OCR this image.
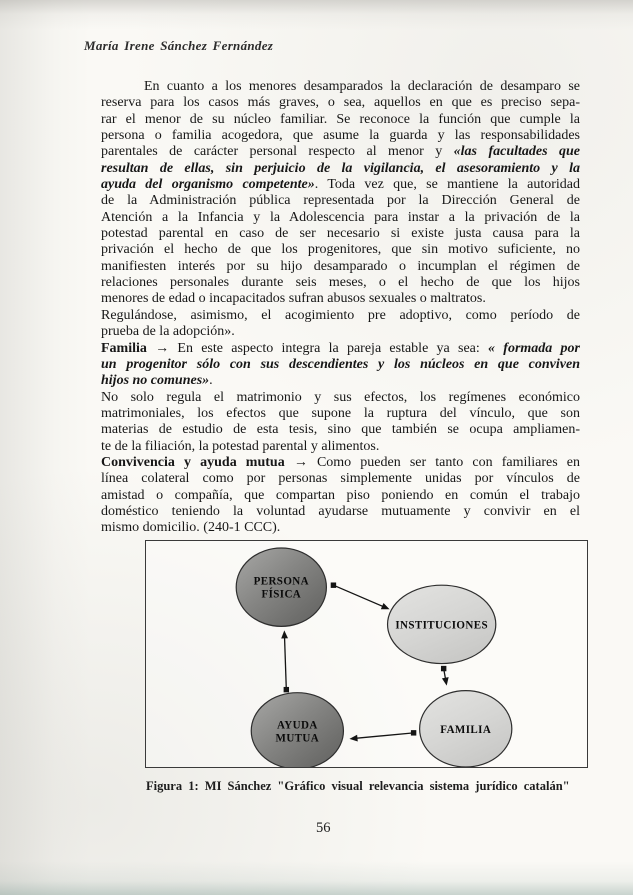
María Irene Sánchez Fernández
En cuanto a los menores desamparados la declaración de desamparo se
reserva para los casos más graves, o sea, aquellos en que es preciso sepa-
rar el menor de su núcleo familiar. Se reconoce la función que cumple la
persona o familia acogedora, que asume la guarda y las responsabilidades
parentales de carácter personal respecto al menor y «las facultades que
resultan de ellas, sin perjuicio de la vigilancia, el asesoramiento y la
ayuda del organismo competente». Toda vez que, se mantiene la autoridad
de la Administración pública representada por la Dirección General de
Atención a la Infancia y la Adolescencia para instar a la privación de la
potestad parental en caso de ser necesario si existe justa causa para la
privación el hecho de que los progenitores, que sin motivo suficiente, no
manifiesten interés por su hijo desamparado o incumplan el régimen de
relaciones personales durante seis meses, o el hecho de que los hijos
menores de edad o incapacitados sufran abusos sexuales o maltratos.
Regulándose, asimismo, el acogimiento pre adoptivo, como período de
prueba de la adopción».
Familia → En este aspecto integra la pareja estable ya sea: « formada por
un progenitor sólo con sus descendientes y los núcleos en que conviven
hijos no comunes».
No solo regula el matrimonio y sus efectos, los regímenes económico
matrimoniales, los efectos que supone la ruptura del vínculo, que son
materias de estudio de esta tesis, sino que también se ocupa ampliamen-
te de la filiación, la potestad parental y alimentos.
Convivencia y ayuda mutua → Como pueden ser tanto con familiares en
línea colateral como por personas simplemente unidas por vínculos de
amistad o compañía, que compartan piso poniendo en común el trabajo
doméstico teniendo la voluntad ayudarse mutuamente y convivir en el
mismo domicilio. (240-1 CCC).
PERSONA
FÍSICA
INSTITUCIONES
AYUDA
MUTUA
FAMILIA
Figura 1: MI Sánchez "Gráfico visual relevancia sistema jurídico catalán"
56
